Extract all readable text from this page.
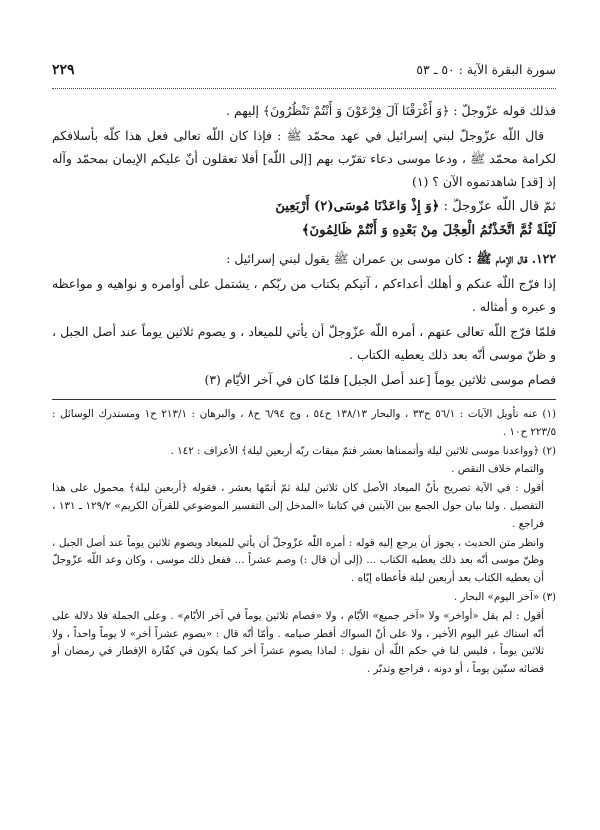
سورة البقرة الآية : ٥٠ ـ ٥٣
٢٢٩

فذلك قوله عزّوجلّ : ﴿وَ أَغْرَقْنَا آلَ فِرْعَوْنَ وَ أَنْتُمْ تَنْظُرُونَ﴾ إليهم .

قال اللّه عزّوجلّ لبني إسرائيل في عهد محمّد ﷺ : فإذا كان اللّه تعالى فعل هذا كلّه بأسلافكم لكرامة محمّد ﷺ ، ودعا موسى دعاء تقرّب بهم [إلى اللّه] أفلا تعقلون أنّ عليكم الإيمان بمحمّد وآله إذ [قد] شاهدتموه الآن ؟ (١)

ثمّ قال اللّه عزّوجلّ : ﴿وَ إِذْ وَاعَدْنَا مُوسَى(٢) أَرْبَعِينَ
لَيْلَةً ثُمَّ اتَّخَذْتُمُ الْعِجْلَ مِنْ بَعْدِهِ وَ أَنْتُمْ ظَالِمُونَ﴾

١٢٢. قال الإمام ﷺ : كان موسى بن عمران ﷺ يقول لبني إسرائيل :

إذا فرّج اللّه عنكم و أهلك أعداءكم ، آتيكم بكتاب من ربّكم ، يشتمل على أوامره و نواهيه و مواعظه و عبره و أمثاله .

فلمّا فرّج اللّه تعالى عنهم ، أمره اللّه عزّوجلّ أن يأتي للميعاد ، و يصوم ثلاثين يوماً عند أصل الجبل ، و ظنّ موسى أنّه بعد ذلك يعطيه الكتاب .

فصام موسى ثلاثين يوماً [عند أصل الجبل] فلمّا كان في آخر الأيّام (٣)

(١) عنه تأويل الآيات : ٥٦/١ ح٣٣ ، والبحار ١٣٨/١٣ ح٥٤ ، وج ٦/٩٤ ح٨ ، والبرهان : ٢١٣/١ ح١ ومستدرك الوسائل : ٢٢٣/٥ ح١٠ .

(٢) ﴿وواعدنا موسى ثلاثين ليلة وأتممناها بعشر فتمّ ميقات ربّه أربعين ليلة﴾ الأعراف : ١٤٢ .

والتمام خلاف النقص .

أقول : في الآية تصريح بأنّ الميعاد الأصل كان ثلاثين ليلة ثمّ أتمّها بعشر ، فقوله ﴿أربعين ليلة﴾ محمول على هذا التفصيل . ولنا بيان حول الجمع بين الآيتين في كتابنا «المدخل إلى التفسير الموضوعي للقرآن الكريم» ١٢٩/٢ ـ ١٣١ ، فراجع .

وانظر متن الحديث ، يجوز أن يرجع إليه قوله : أمره اللّه عزّوجلّ أن يأتي للميعاد ويصوم ثلاثين يوماً عند أصل الجبل ، وظنّ موسى أنّه بعد ذلك يعطيه الكتاب ... (إلى أن قال :) وصم عشراً ... ففعل ذلك موسى ، وكان وعد اللّه عزّوجلّ أن يعطيه الكتاب بعد أربعين ليلة فأعطاه إيّاه .

(٣) «آخر اليوم» البحار .

أقول : لم يقل «أواخر» ولا «آخر جميع» الأيّام ، ولا «فصام ثلاثين يوماً في آخر الأيّام» . وعلى الجملة فلا دلالة على أنّه استاك غير اليوم الأخير ، ولا على أنّ السواك أفطر صيامه . وأمّا أنّه قال : «يصوم عشراً أخر» لا يوماً واحداً ، ولا ثلاثين يوماً ، فليس لنا في حكم اللّه أن نقول : لماذا يصوم عشراً أخر كما يكون في كفّارة الإفطار في رمضان أو قضائه ستّين يوماً ، أو دونه ، فراجع وتدبّر .
